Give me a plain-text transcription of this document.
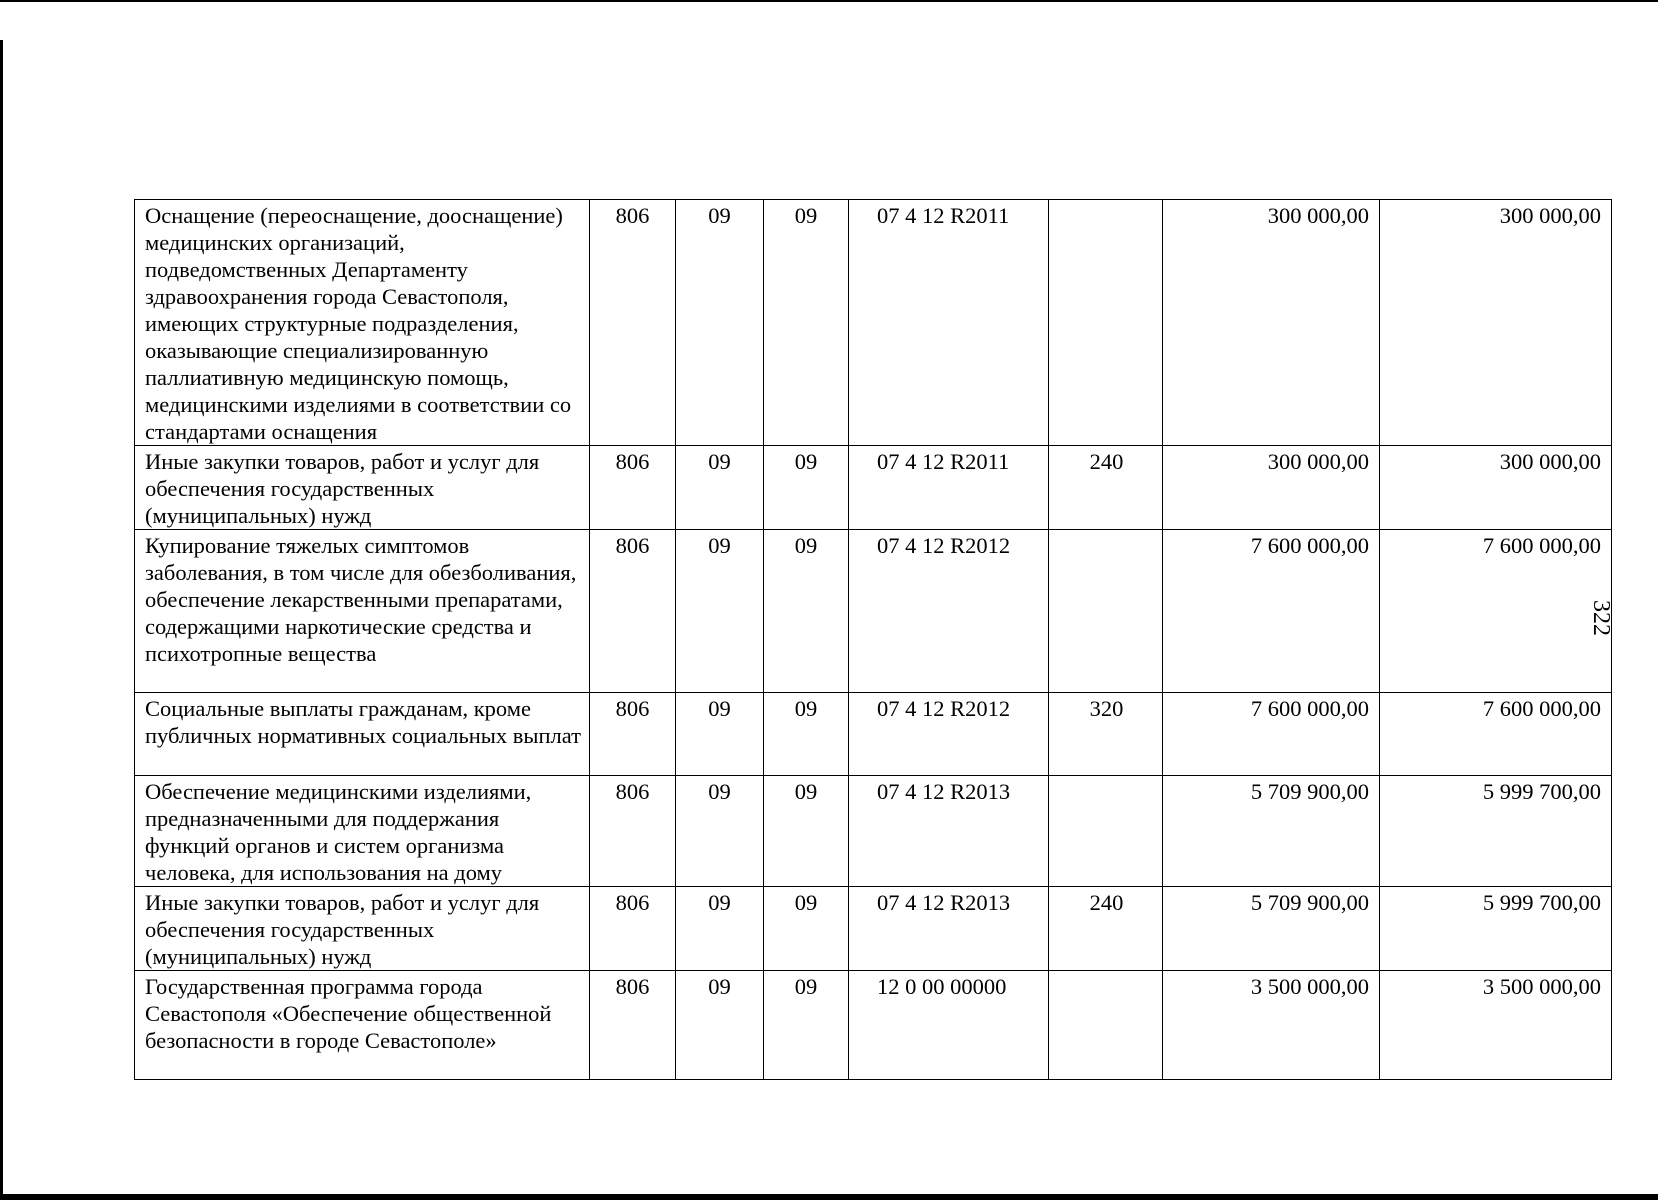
Оснащение (переоснащение, дооснащение) медицинских организаций, подведомственных Департаменту здравоохранения города Севастополя, имеющих структурные подразделения, оказывающие специализированную паллиативную медицинскую помощь, медицинскими изделиями в соответствии со стандартами оснащения	806	09	09	07 4 12 R2011		300 000,00	300 000,00
Иные закупки товаров, работ и услуг для обеспечения государственных (муниципальных) нужд	806	09	09	07 4 12 R2011	240	300 000,00	300 000,00
Купирование тяжелых симптомов заболевания, в том числе для обезболивания, обеспечение лекарственными препаратами, содержащими наркотические средства и психотропные вещества	806	09	09	07 4 12 R2012		7 600 000,00	7 600 000,00
Социальные выплаты гражданам, кроме публичных нормативных социальных выплат	806	09	09	07 4 12 R2012	320	7 600 000,00	7 600 000,00
Обеспечение медицинскими изделиями, предназначенными для поддержания функций органов и систем организма человека, для использования на дому	806	09	09	07 4 12 R2013		5 709 900,00	5 999 700,00
Иные закупки товаров, работ и услуг для обеспечения государственных (муниципальных) нужд	806	09	09	07 4 12 R2013	240	5 709 900,00	5 999 700,00
Государственная программа города Севастополя «Обеспечение общественной безопасности в городе Севастополе»	806	09	09	12 0 00 00000		3 500 000,00	3 500 000,00
322
